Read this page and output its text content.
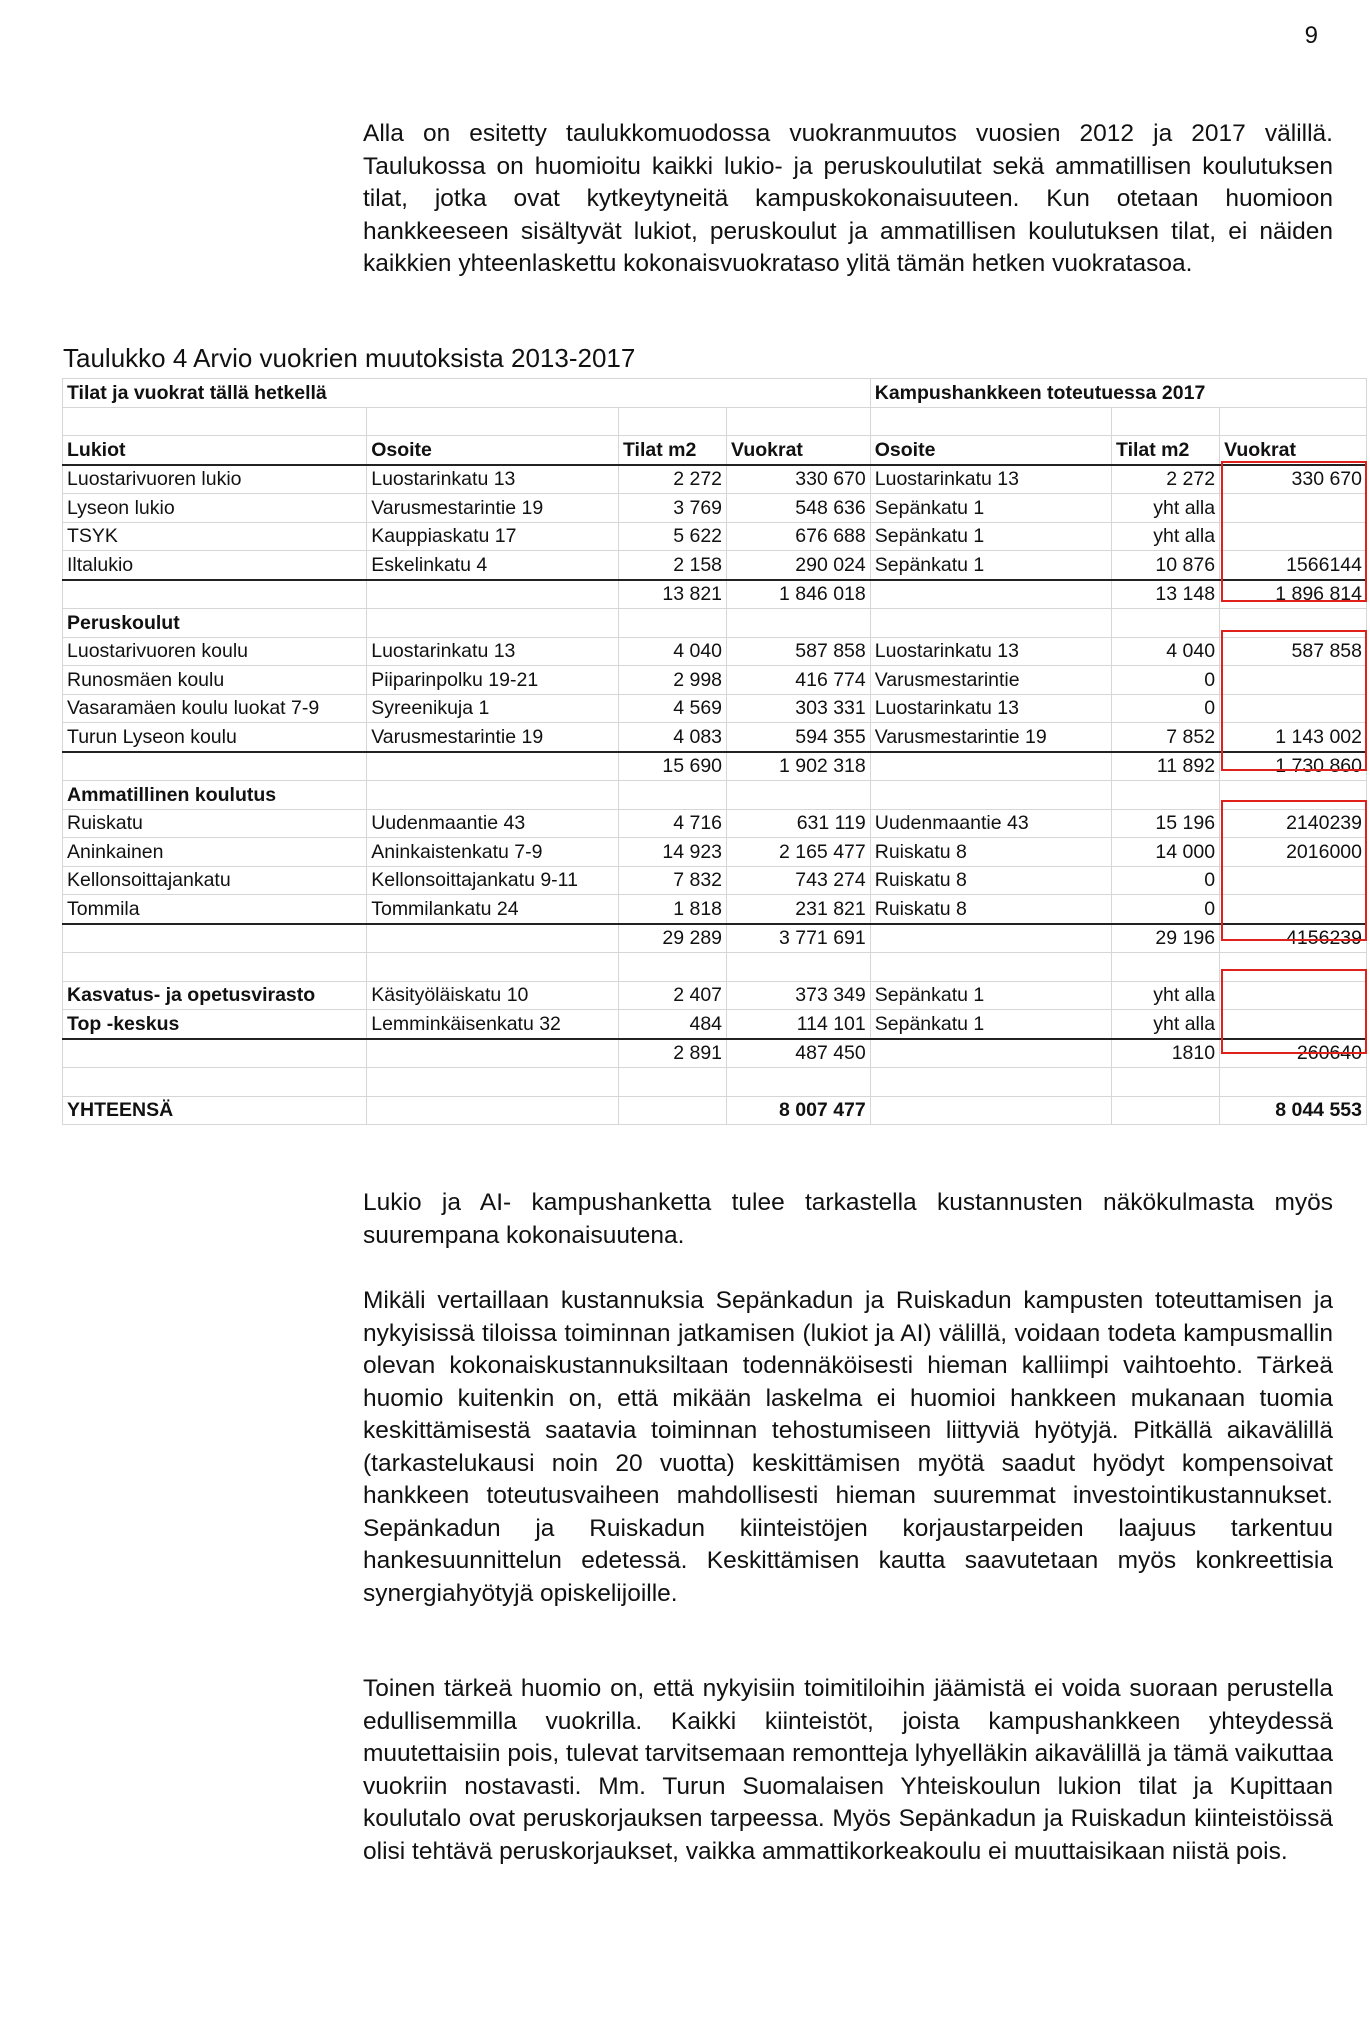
9

Alla on esitetty taulukkomuodossa vuokranmuutos vuosien 2012 ja 2017 välillä. Taulukossa on huomioitu kaikki lukio- ja peruskoulutilat sekä ammatillisen koulutuksen tilat, jotka ovat kytkeytyneitä kampuskokonaisuuteen. Kun otetaan huomioon hankkeeseen sisältyvät lukiot, peruskoulut ja ammatillisen koulutuksen tilat, ei näiden kaikkien yhteenlaskettu kokonaisvuokrataso ylitä tämän hetken vuokratasoa.

Taulukko 4 Arvio vuokrien muutoksista 2013-2017
Tilat ja vuokrat tällä hetkellä				Kampushankkeen toteutuessa 2017		

Lukiot	Osoite	Tilat m2	Vuokrat	Osoite	Tilat m2	Vuokrat
Luostarivuoren lukio	Luostarinkatu 13	2 272	330 670	Luostarinkatu 13	2 272	330 670
Lyseon lukio	Varusmestarintie 19	3 769	548 636	Sepänkatu 1	yht alla	
TSYK	Kauppiaskatu 17	5 622	676 688	Sepänkatu 1	yht alla	
Iltalukio	Eskelinkatu 4	2 158	290 024	Sepänkatu 1	10 876	1566144
		13 821	1 846 018		13 148	1 896 814
Peruskoulut						
Luostarivuoren koulu	Luostarinkatu 13	4 040	587 858	Luostarinkatu 13	4 040	587 858
Runosmäen koulu	Piiparinpolku 19-21	2 998	416 774	Varusmestarintie	0	
Vasaramäen koulu luokat 7-9	Syreenikuja 1	4 569	303 331	Luostarinkatu 13	0	
Turun Lyseon koulu	Varusmestarintie 19	4 083	594 355	Varusmestarintie 19	7 852	1 143 002
		15 690	1 902 318		11 892	1 730 860
Ammatillinen koulutus						
Ruiskatu	Uudenmaantie 43	4 716	631 119	Uudenmaantie 43	15 196	2140239
Aninkainen	Aninkaistenkatu 7-9	14 923	2 165 477	Ruiskatu 8	14 000	2016000
Kellonsoittajankatu	Kellonsoittajankatu 9-11	7 832	743 274	Ruiskatu 8	0	
Tommila	Tommilankatu 24	1 818	231 821	Ruiskatu 8	0	
		29 289	3 771 691		29 196	4156239

Kasvatus- ja opetusvirasto	Käsityöläiskatu 10	2 407	373 349	Sepänkatu 1	yht alla	
Top -keskus	Lemminkäisenkatu 32	484	114 101	Sepänkatu 1	yht alla	
		2 891	487 450		1810	260640

YHTEENSÄ			8 007 477			8 044 553

Lukio ja AI- kampushanketta tulee tarkastella kustannusten näkökulmasta myös suurempana kokonaisuutena.

Mikäli vertaillaan kustannuksia Sepänkadun ja Ruiskadun kampusten toteuttamisen ja nykyisissä tiloissa toiminnan jatkamisen (lukiot ja AI) välillä, voidaan todeta kampusmallin olevan kokonaiskustannuksiltaan todennäköisesti hieman kalliimpi vaihtoehto. Tärkeä huomio kuitenkin on, että mikään laskelma ei huomioi hankkeen mukanaan tuomia keskittämisestä saatavia toiminnan tehostumiseen liittyviä hyötyjä. Pitkällä aikavälillä (tarkastelukausi noin 20 vuotta) keskittämisen myötä saadut hyödyt kompensoivat hankkeen toteutusvaiheen mahdollisesti hieman suuremmat investointikustannukset. Sepänkadun ja Ruiskadun kiinteistöjen korjaustarpeiden laajuus tarkentuu hankesuunnittelun edetessä. Keskittämisen kautta saavutetaan myös konkreettisia synergiahyötyjä opiskelijoille.

Toinen tärkeä huomio on, että nykyisiin toimitiloihin jäämistä ei voida suoraan perustella edullisemmilla vuokrilla. Kaikki kiinteistöt, joista kampushankkeen yhteydessä muutettaisiin pois, tulevat tarvitsemaan remontteja lyhyelläkin aikavälillä ja tämä vaikuttaa vuokriin nostavasti. Mm. Turun Suomalaisen Yhteiskoulun lukion tilat ja Kupittaan koulutalo ovat peruskorjauksen tarpeessa. Myös Sepänkadun ja Ruiskadun kiinteistöissä olisi tehtävä peruskorjaukset, vaikka ammattikorkeakoulu ei muuttaisikaan niistä pois.
